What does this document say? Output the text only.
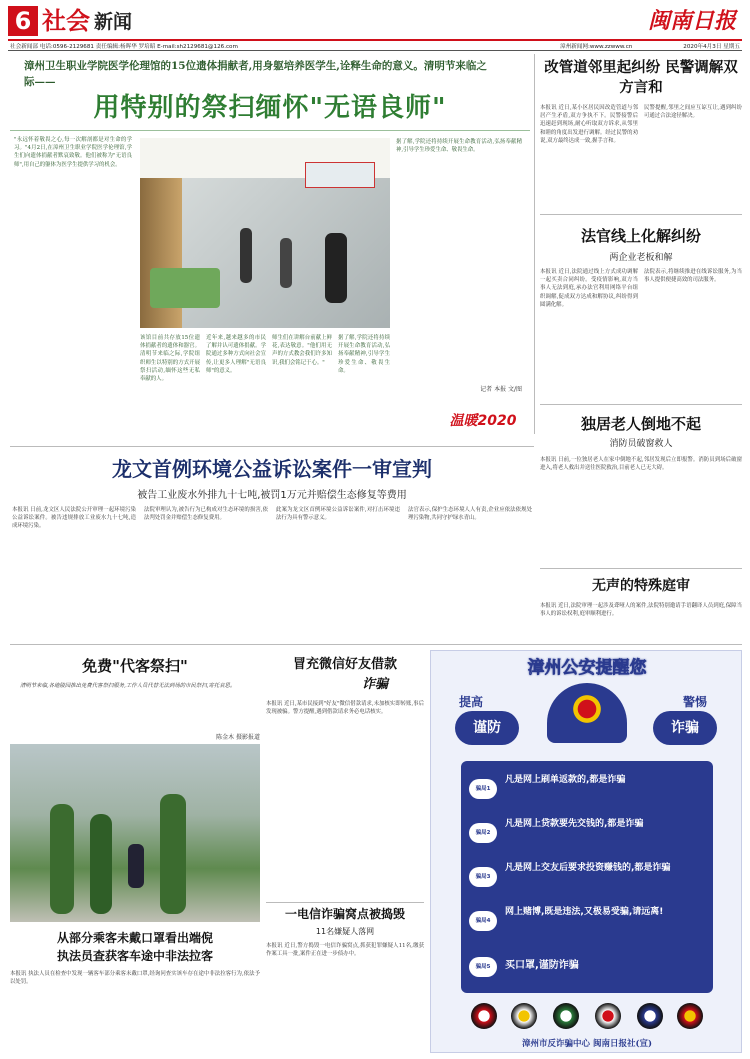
6 社会 新闻	闽南日报
社会新闻部 电话:0596-2129681 责任编辑:杨晖华 罗培昭 E-mail:sh2129681@126.com	漳州新闻网:www.zzwww.cn	2020年4月3日 星期五
漳州卫生职业学院医学伦理馆的15位遗体捐献者,用身躯培养医学生,诠释生命的意义。清明节来临之际——
用特别的祭扫缅怀"无语良师"
"永远怀着敬畏之心,每一次解剖都是对生命的学习。"4月2日,在漳州卫生职业学院医学伦理馆,学生们向遗体捐献者默哀致敬。他们被称为"无语良师",用自己的躯体为医学生提供学习的机会。
该馆目前共存放15位遗体捐献者的遗体和器官。清明节来临之际,学院组织师生以特别的方式开展祭扫活动,缅怀这些无私奉献的人。
近年来,越来越多的市民了解并认可遗体捐献。学院通过多种方式向社会宣传,让更多人理解"无语良师"的意义。
师生们在讲解台前献上鲜花,表达敬意。"他们用无声的方式教会我们许多知识,我们会铭记于心。"
据了解,学院还将持续开展生命教育活动,弘扬奉献精神,引导学生珍爱生命、敬畏生命。
据了解,学院还将持续开展生命教育活动,弘扬奉献精神,引导学生珍爱生命、敬畏生命。
记者 本报 文/图
温暖2020
改管道邻里起纠纷 民警调解双方言和
本报讯 近日,某小区居民因改造管道与邻居产生矛盾,双方争执不下。民警接警后迅速赶到现场,耐心听取双方诉求,从邻里和睦的角度出发进行调解。经过民警的劝说,双方最终达成一致,握手言和。
民警提醒,邻里之间应互谅互让,遇到纠纷可通过合法途径解决。
法官线上化解纠纷
两企业老板和解
本报讯 近日,法院通过线上方式成功调解一起买卖合同纠纷。受疫情影响,双方当事人无法到庭,承办法官利用网络平台组织调解,促成双方达成和解协议,纠纷得到圆满化解。
法院表示,将继续推进在线诉讼服务,为当事人提供便捷高效的司法服务。
独居老人倒地不起
消防员破窗救人
本报讯 日前,一位独居老人在家中倒地不起,邻居发现后立即报警。消防员到场后破窗进入,将老人救出并送往医院救治,目前老人已无大碍。
无声的特殊庭审
本报讯 近日,法院审理一起涉及聋哑人的案件,法院特别邀请手语翻译人员到庭,保障当事人的诉讼权利,庭审顺利进行。
龙文首例环境公益诉讼案件一审宣判
被告工业废水外排九十七吨,被罚1万元并赔偿生态修复等费用
本报讯 日前,龙文区人民法院公开审理一起环境污染公益诉讼案件。被告违规排放工业废水九十七吨,造成环境污染。
法院审理认为,被告行为已构成对生态环境的损害,依法判处罚金并赔偿生态修复费用。
此案为龙文区首例环境公益诉讼案件,对打击环境违法行为具有警示意义。
法官表示,保护生态环境人人有责,企业应依法依规处理污染物,共同守护绿水青山。
免费"代客祭扫"
清明节来临,各地陵园推出免费代客祭扫服务,工作人员代替无法到场的市民祭扫,寄托哀思。
陈金木 摄影报道
从部分乘客未戴口罩看出端倪
执法员查获客车途中非法拉客
本报讯 执法人员在检查中发现一辆客车部分乘客未戴口罩,经询问查实该车存在途中非法拉客行为,依法予以处罚。
冒充微信好友借款
诈骗
本报讯 近日,某市民接到"好友"微信借款请求,未加核实即转账,事后发现被骗。警方提醒,遇到借款请求务必电话核实。
一电信诈骗窝点被捣毁
11名嫌疑人落网
本报讯 近日,警方捣毁一电信诈骗窝点,抓获犯罪嫌疑人11名,缴获作案工具一批,案件正在进一步侦办中。
漳州公安提醒您
提高
谨防
警惕
诈骗
骗局1
凡是网上刷单返款的,都是诈骗
骗局2
凡是网上贷款要先交钱的,都是诈骗
骗局3
凡是网上交友后要求投资赚钱的,都是诈骗
骗局4
网上赌博,既是违法,又极易受骗,请远离!
骗局5	买口罩,谨防诈骗
漳州市反诈骗中心 闽南日报社(宣)
